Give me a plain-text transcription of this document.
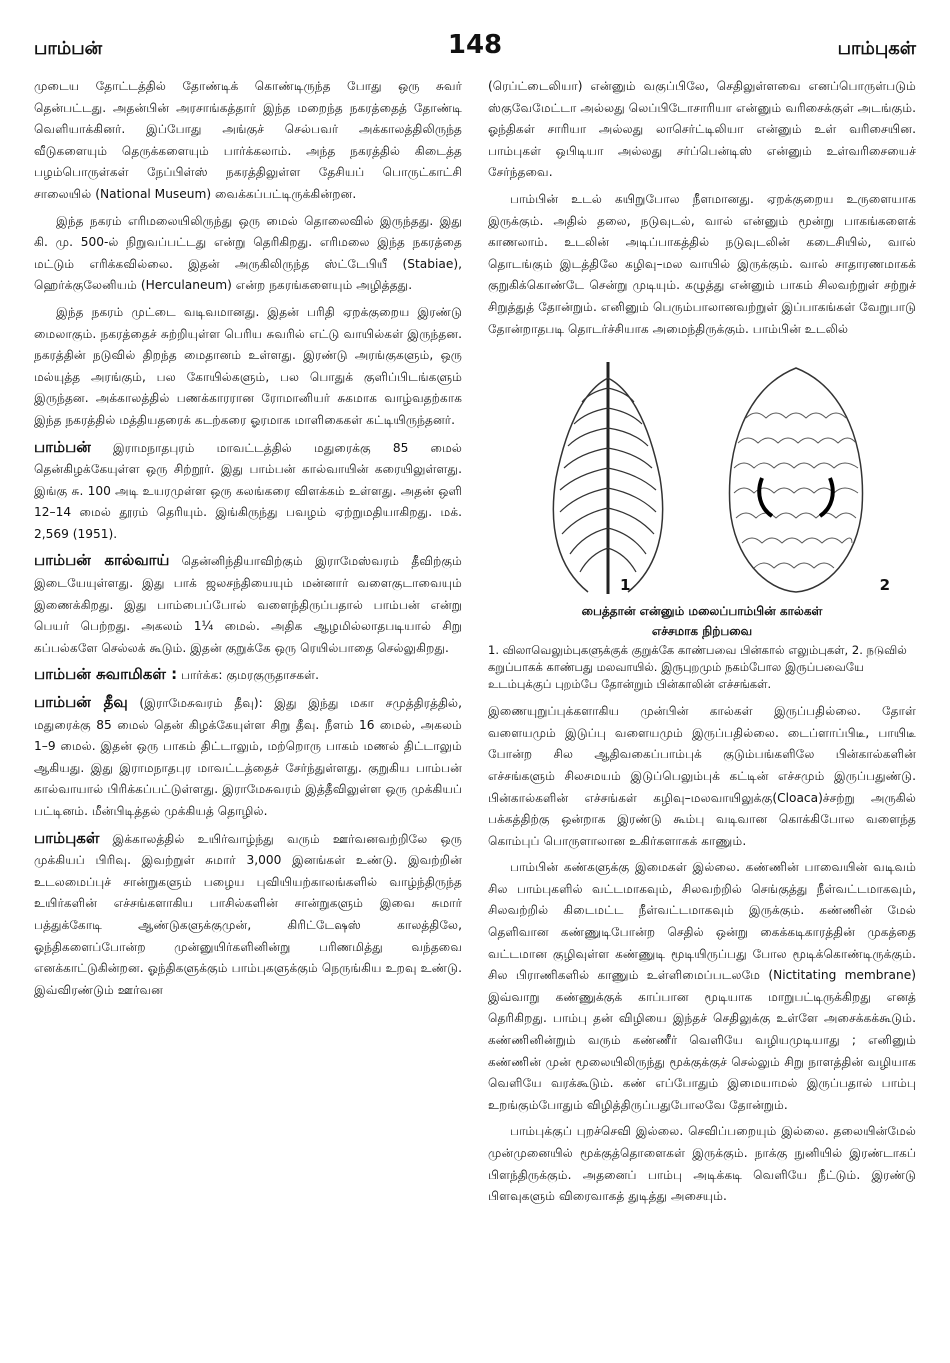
பாம்பன்	148	பாம்புகள்

முடைய தோட்டத்தில் தோண்டிக் கொண்டிருந்த போது ஒரு சுவர் தென்பட்டது. அதன்பின் அரசாங்கத்தார் இந்த மறைந்த நகரத்தைத் தோண்டி வெளியாக்கினர். இப்போது அங்குச் செல்பவர் அக்காலத்திலிருந்த வீடுகளையும் தெருக்களையும் பார்க்கலாம். அந்த நகரத்தில் கிடைத்த பழம்பொருள்கள் நேப்பிள்ஸ் நகரத்திலுள்ள தேசியப் பொருட்காட்சி சாலையில் (National Museum) வைக்கப்பட்டிருக்கின்றன.

இந்த நகரம் எரிமலையிலிருந்து ஒரு மைல் தொலைவில் இருந்தது. இது கி. மு. 500-ல் நிறுவப்பட்டது என்று தெரிகிறது. எரிமலை இந்த நகரத்தை மட்டும் எரிக்கவில்லை. இதன் அருகிலிருந்த ஸ்ட்டேபியீ (Stabiae), ஹெர்க்குலேனியம் (Herculaneum) என்ற நகரங்களையும் அழித்தது.

இந்த நகரம் முட்டை வடிவமானது. இதன் பரிதி ஏறக்குறைய இரண்டு மைலாகும். நகரத்தைச் சுற்றியுள்ள பெரிய சுவரில் எட்டு வாயில்கள் இருந்தன. நகரத்தின் நடுவில் திறந்த மைதானம் உள்ளது. இரண்டு அரங்குகளும், ஒரு மல்யுத்த அரங்கும், பல கோயில்களும், பல பொதுக் குளிப்பிடங்களும் இருந்தன. அக்காலத்தில் பணக்காரரான ரோமானியர் சுகமாக வாழ்வதற்காக இந்த நகரத்தில் மத்தியதரைக் கடற்கரை ஓரமாக மாளிகைகள் கட்டியிருந்தனர்.

பாம்பன் இராமநாதபுரம் மாவட்டத்தில் மதுரைக்கு 85 மைல் தென்கிழக்கேயுள்ள ஒரு சிற்றூர். இது பாம்பன் கால்வாயின் கரையிலுள்ளது. இங்கு சு. 100 அடி உயரமுள்ள ஒரு கலங்கரை விளக்கம் உள்ளது. அதன் ஒளி 12–14 மைல் தூரம் தெரியும். இங்கிருந்து பவழம் ஏற்றுமதியாகிறது. மக். 2,569 (1951).

பாம்பன் கால்வாய் தென்னிந்தியாவிற்கும் இராமேஸ்வரம் தீவிற்கும் இடையேயுள்ளது. இது பாக் ஜலசந்தியையும் மன்னார் வளைகுடாவையும் இணைக்கிறது. இது பாம்பைப்போல் வளைந்திருப்பதால் பாம்பன் என்று பெயர் பெற்றது. அகலம் 1¼ மைல். அதிக ஆழமில்லாதபடியால் சிறு கப்பல்களே செல்லக் கூடும். இதன் குறுக்கே ஒரு ரெயில்பாதை செல்லுகிறது.

பாம்பன் சுவாமிகள் : பார்க்க: குமரகுருதாசகள்.

பாம்பன் தீவு (இராமேசுவரம் தீவு): இது இந்து மகா சமுத்திரத்தில், மதுரைக்கு 85 மைல் தென் கிழக்கேயுள்ள சிறு தீவு. நீளம் 16 மைல், அகலம் 1–9 மைல். இதன் ஒரு பாகம் திட்டாலும், மற்றொரு பாகம் மணல் திட்டாலும் ஆகியது. இது இராமநாதபுர மாவட்டத்தைச் சேர்ந்துள்ளது. குறுகிய பாம்பன் கால்வாயால் பிரிக்கப்பட்டுள்ளது. இராமேசுவரம் இத்தீவிலுள்ள ஒரு முக்கியப் பட்டினம். மீன்பிடித்தல் முக்கியத் தொழில்.

பாம்புகள் இக்காலத்தில் உயிர்வாழ்ந்து வரும் ஊர்வனவற்றிலே ஒரு முக்கியப் பிரிவு. இவற்றுள் சுமார் 3,000 இனங்கள் உண்டு. இவற்றின் உடலமைப்புச் சான்றுகளும் பழைய புவியியற்காலங்களில் வாழ்ந்திருந்த உயிர்களின் எச்சங்களாகிய பாசில்களின் சான்றுகளும் இவை சுமார் பத்துக்கோடி ஆண்டுகளுக்குமுன், கிரிட்டேஷஸ் காலத்திலே, ஓந்திகளைப்போன்ற முன்னுயிர்களினின்று பரிணமித்து வந்தவை எனக்காட்டுகின்றன. ஓந்திகளுக்கும் பாம்புகளுக்கும் நெருங்கிய உறவு உண்டு. இவ்விரண்டும் ஊர்வன

(ரெப்ட்டைலியா) என்னும் வகுப்பிலே, செதிலுள்ளவை எனப்பொருள்படும் ஸ்குவேமேட்டா அல்லது லெப்பிடோசாரியா என்னும் வரிசைக்குள் அடங்கும். ஓந்திகள் சாரியா அல்லது லாசெர்ட்டிலியா என்னும் உள் வரிசையின. பாம்புகள் ஒபிடியா அல்லது சர்ப்பென்டிஸ் என்னும் உள்வரிசையைச் சேர்ந்தவை.

பாம்பின் உடல் கயிறுபோல நீளமானது. ஏறக்குறைய உருளையாக இருக்கும். அதில் தலை, நடுவுடல், வால் என்னும் மூன்று பாகங்களைக் காணலாம். உடலின் அடிப்பாகத்தில் நடுவுடலின் கடைசியில், வால் தொடங்கும் இடத்திலே கழிவு–மல வாயில் இருக்கும். வால் சாதாரணமாகக் குறுகிக்கொண்டே சென்று முடியும். கழுத்து என்னும் பாகம் சிலவற்றுள் சற்றுச் சிறுத்துத் தோன்றும். எனினும் பெரும்பாலானவற்றுள் இப்பாகங்கள் வேறுபாடு தோன்றாதபடி தொடர்ச்சியாக அமைந்திருக்கும். பாம்பின் உடலில்

1	2
பைத்தான் என்னும் மலைப்பாம்பின் கால்கள்
எச்சமாக நிற்பவை

1. விலாவெலும்புகளுக்குக் குறுக்கே காண்பவை பின்கால் எலும்புகள், 2. நடுவில் கறுப்பாகக் காண்பது மலவாயில். இருபுறமும் நகம்போல இருப்பவையே உடம்புக்குப் புறம்பே தோன்றும் பின்காலின் எச்சங்கள்.

இணையுறுப்புக்களாகிய முன்பின் கால்கள் இருப்பதில்லை. தோள் வளையமும் இடுப்பு வளையமும் இருப்பதில்லை. டைப்ளாப்பிடீ, பாயிடீ போன்ற சில ஆதிவகைப்பாம்புக் குடும்பங்களிலே பின்கால்களின் எச்சங்களும் சிலசமயம் இடுப்பெலும்புக் கட்டின் எச்சமும் இருப்பதுண்டு. பின்கால்களின் எச்சங்கள் கழிவு–மலவாயிலுக்கு(Cloaca)ச்சற்று அருகில் பக்கத்திற்கு ஒன்றாக இரண்டு கூம்பு வடிவான கொக்கிபோல வளைந்த கொம்புப் பொருளாலான உகிர்களாகக் காணும்.

பாம்பின் கண்களுக்கு இமைகள் இல்லை. கண்ணின் பாவையின் வடிவம் சில பாம்புகளில் வட்டமாகவும், சிலவற்றில் செங்குத்து நீள்வட்டமாகவும், சிலவற்றில் கிடைமட்ட நீள்வட்டமாகவும் இருக்கும். கண்ணின் மேல் தெளிவான கண்ணுடிபோன்ற செதில் ஒன்று கைக்கடிகாரத்தின் முகத்தை வட்டமான குழிவுள்ள கண்ணுடி மூடியிருப்பது போல மூடிக்கொண்டிருக்கும். சில பிராணிகளில் காணும் உள்ளிமைப்படலமே (Nictitating membrane) இவ்வாறு கண்ணுக்குக் காப்பான மூடியாக மாறுபட்டிருக்கிறது எனத் தெரிகிறது. பாம்பு தன் விழியை இந்தச் செதிலுக்கு உள்ளே அசைக்கக்கூடும். கண்ணினின்றும் வரும் கண்ணீர் வெளியே வழியமுடியாது ; எனினும் கண்ணின் முன் மூலையிலிருந்து மூக்குக்குச் செல்லும் சிறு நாளத்தின் வழியாக வெளியே வரக்கூடும். கண் எப்போதும் இமையாமல் இருப்பதால் பாம்பு உறங்கும்போதும் விழித்திருப்பதுபோலவே தோன்றும்.

பாம்புக்குப் புறச்செவி இல்லை. செவிப்பறையும் இல்லை. தலையின்மேல் முன்முனையில் மூக்குத்தொளைகள் இருக்கும். நாக்கு நுனியில் இரண்டாகப் பிளந்திருக்கும். அதனைப் பாம்பு அடிக்கடி வெளியே நீட்டும். இரண்டு பிளவுகளும் விரைவாகத் துடித்து அசையும்.
